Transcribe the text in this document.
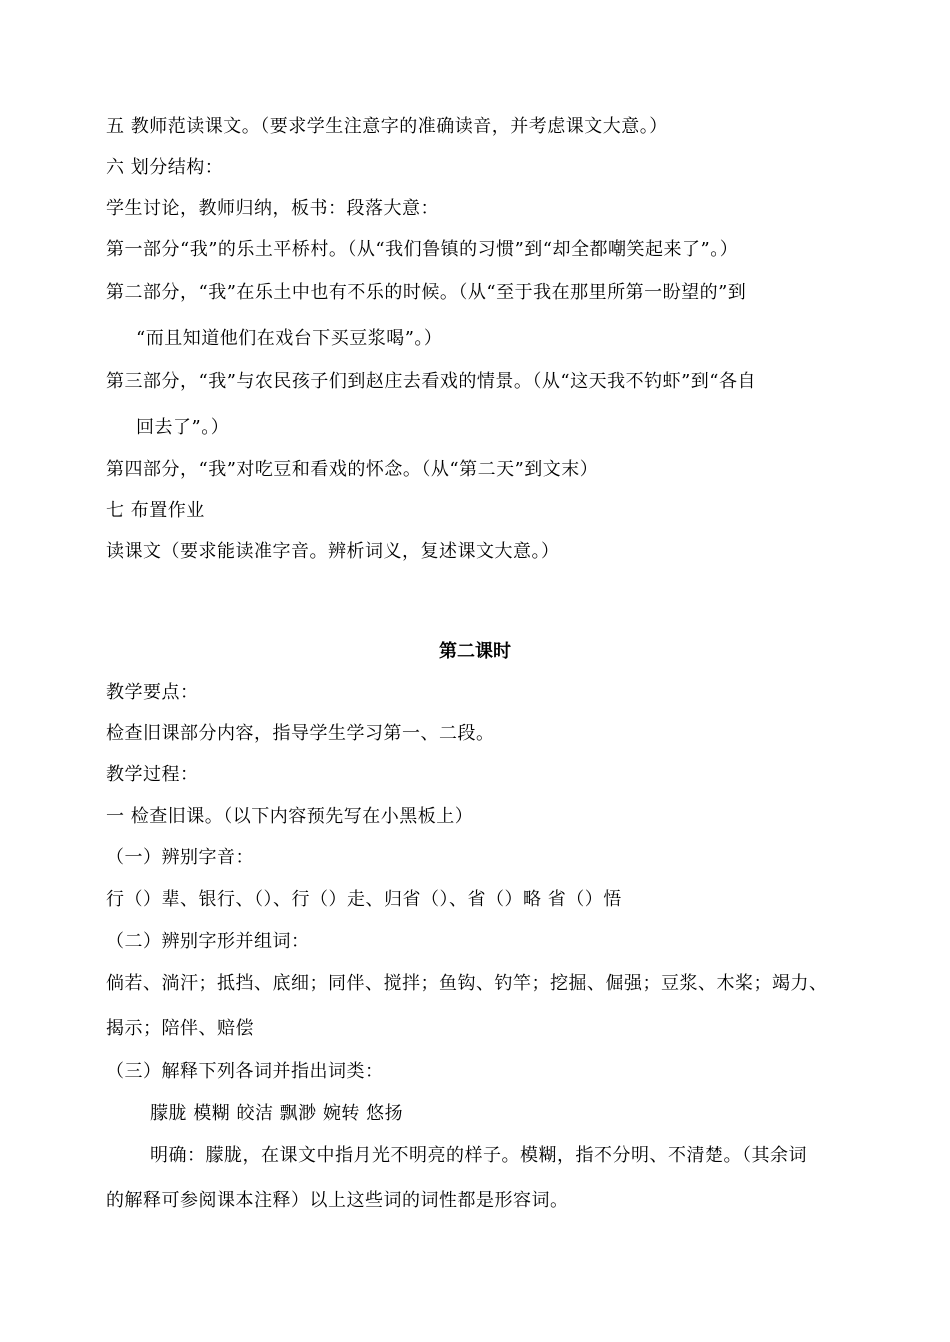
五 教师范读课文。（要求学生注意字的准确读音，并考虑课文大意。）
六 划分结构：
学生讨论，教师归纳，板书：段落大意：
第一部分“我”的乐土平桥村。（从“我们鲁镇的习惯”到“却全都嘲笑起来了”。）
第二部分，“我”在乐土中也有不乐的时候。（从“至于我在那里所第一盼望的”到
“而且知道他们在戏台下买豆浆喝”。）
第三部分，“我”与农民孩子们到赵庄去看戏的情景。（从“这天我不钓虾”到“各自
回去了”。）
第四部分，“我”对吃豆和看戏的怀念。（从“第二天”到文末）
七 布置作业
读课文（要求能读准字音。辨析词义，复述课文大意。）
第二课时
教学要点：
检查旧课部分内容，指导学生学习第一、二段。
教学过程：
一 检查旧课。（以下内容预先写在小黑板上）
（一）辨别字音：
行（）辈、银行、（）、行（）走、归省（）、省（）略 省（）悟
（二）辨别字形并组词：
倘若、淌汗；抵挡、底细；同伴、搅拌；鱼钩、钓竿；挖掘、倔强；豆浆、木桨；竭力、
揭示；陪伴、赔偿
（三）解释下列各词并指出词类：
朦胧 模糊 皎洁 飘渺 婉转 悠扬
明确：朦胧，在课文中指月光不明亮的样子。模糊，指不分明、不清楚。（其余词
的解释可参阅课本注释）以上这些词的词性都是形容词。
